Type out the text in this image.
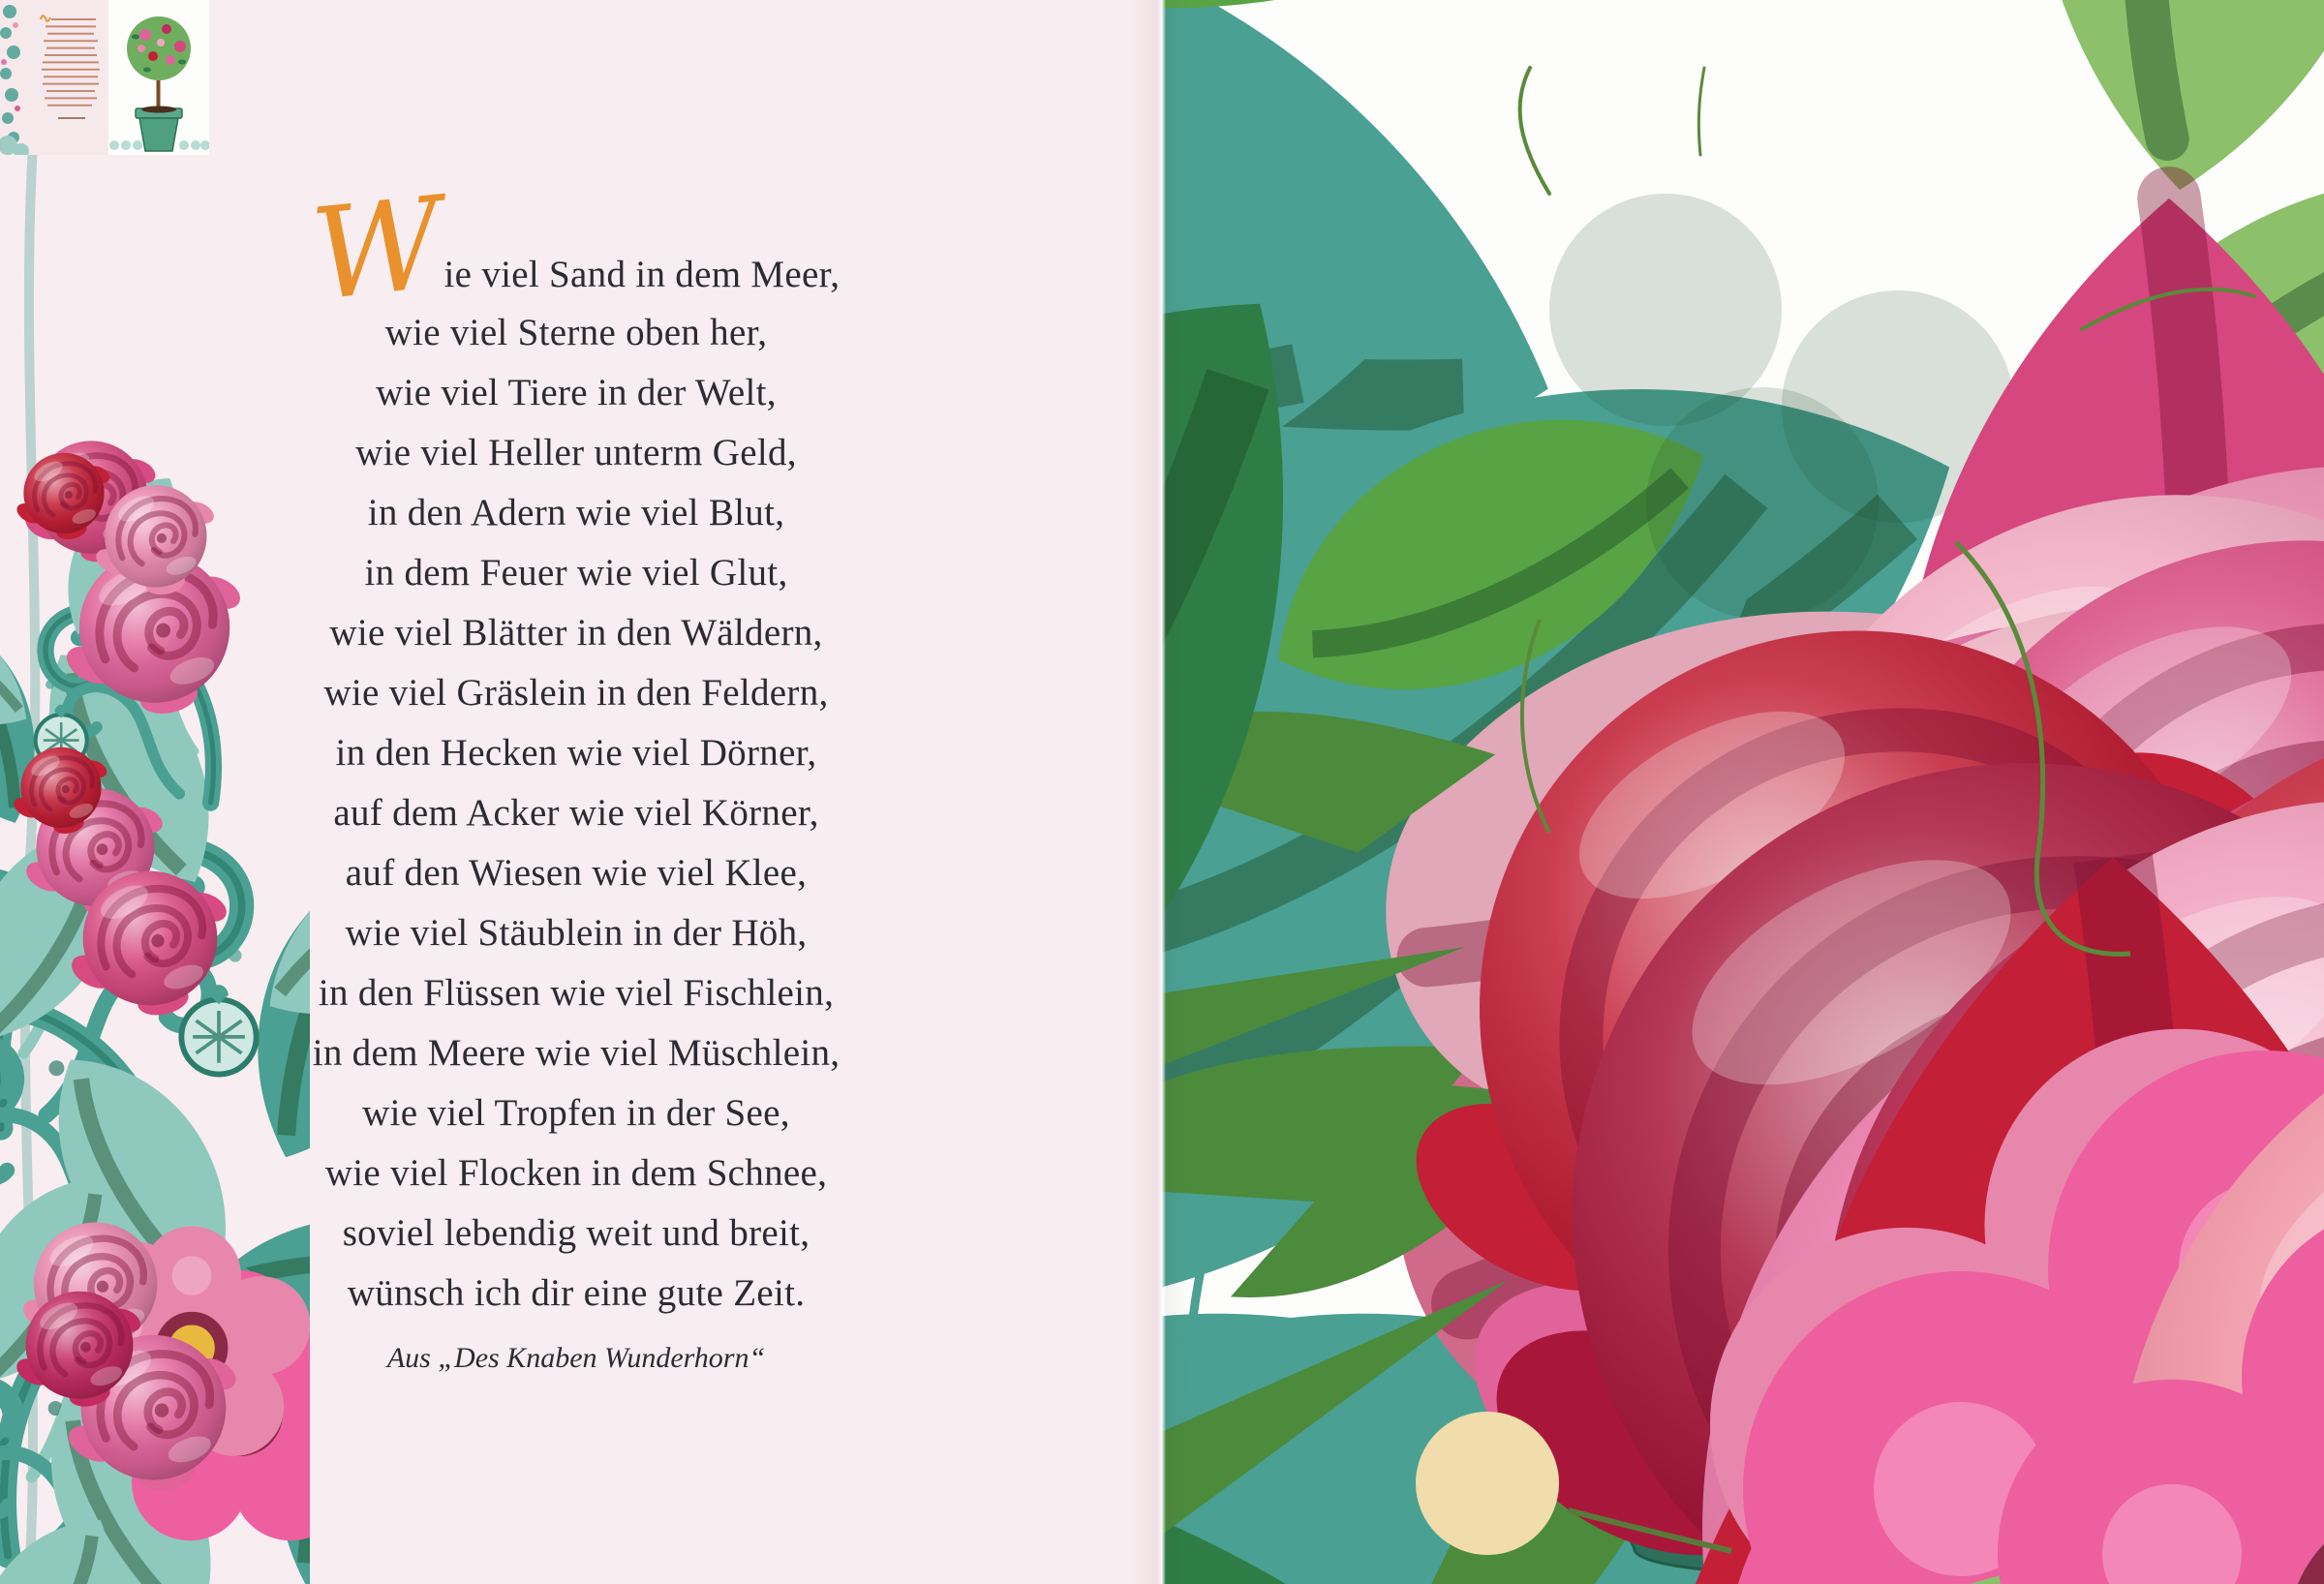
Wie viel Sand in dem Meer,
wie viel Sterne oben her,
wie viel Tiere in der Welt,
wie viel Heller unterm Geld,
in den Adern wie viel Blut,
in dem Feuer wie viel Glut,
wie viel Blätter in den Wäldern,
wie viel Gräslein in den Feldern,
in den Hecken wie viel Dörner,
auf dem Acker wie viel Körner,
auf den Wiesen wie viel Klee,
wie viel Stäublein in der Höh,
in den Flüssen wie viel Fischlein,
in dem Meere wie viel Müschlein,
wie viel Tropfen in der See,
wie viel Flocken in dem Schnee,
soviel lebendig weit und breit,
wünsch ich dir eine gute Zeit.
Aus „Des Knaben Wunderhorn“
